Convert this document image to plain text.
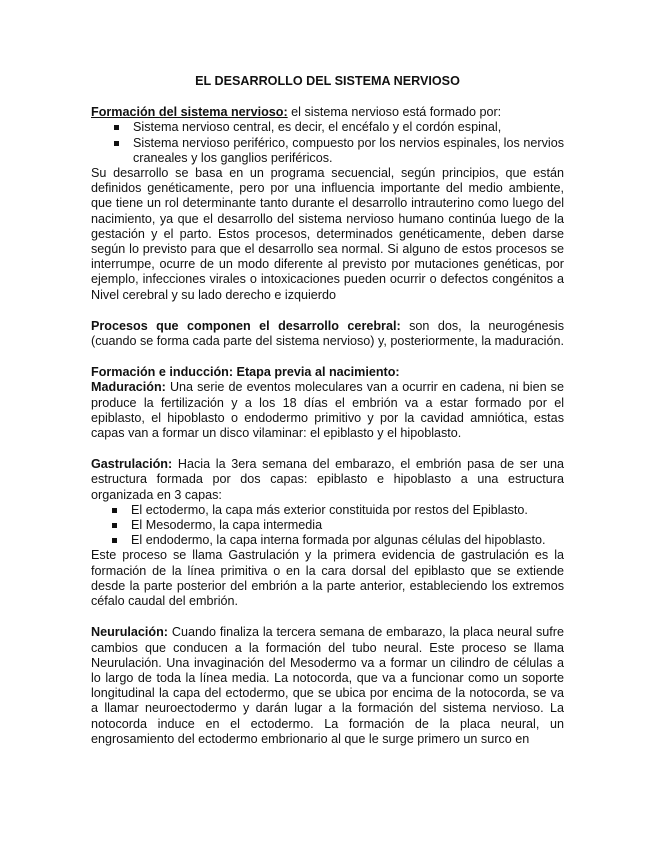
EL DESARROLLO DEL SISTEMA NERVIOSO

Formación del sistema nervioso: el sistema nervioso está formado por:

Sistema nervioso central, es decir, el encéfalo y el cordón espinal,
Sistema nervioso periférico, compuesto por los nervios espinales, los nervios craneales y los ganglios periféricos.

Su desarrollo se basa en un programa secuencial, según principios, que están definidos genéticamente, pero por una influencia importante del medio ambiente, que tiene un rol determinante tanto durante el desarrollo intrauterino como luego del nacimiento, ya que el desarrollo del sistema nervioso humano continúa luego de la gestación y el parto. Estos procesos, determinados genéticamente, deben darse según lo previsto para que el desarrollo sea normal. Si alguno de estos procesos se interrumpe, ocurre de un modo diferente al previsto por mutaciones genéticas, por ejemplo, infecciones virales o intoxicaciones pueden ocurrir o defectos congénitos a Nivel cerebral y su lado derecho e izquierdo

Procesos que componen el desarrollo cerebral: son dos, la neurogénesis (cuando se forma cada parte del sistema nervioso) y, posteriormente, la maduración.

Formación e inducción: Etapa previa al nacimiento:

Maduración: Una serie de eventos moleculares van a ocurrir en cadena, ni bien se produce la fertilización y a los 18 días el embrión va a estar formado por el epiblasto, el hipoblasto o endodermo primitivo y por la cavidad amniótica, estas capas van a formar un disco vilaminar: el epiblasto y el hipoblasto.

Gastrulación: Hacia la 3era semana del embarazo, el embrión pasa de ser una estructura formada por dos capas: epiblasto e hipoblasto a una estructura organizada en 3 capas:

El ectodermo, la capa más exterior constituida por restos del Epiblasto.
El Mesodermo, la capa intermedia
El endodermo, la capa interna formada por algunas células del hipoblasto.

Este proceso se llama Gastrulación y la primera evidencia de gastrulación es la formación de la línea primitiva o en la cara dorsal del epiblasto que se extiende desde la parte posterior del embrión a la parte anterior, estableciendo los extremos céfalo caudal del embrión.

Neurulación: Cuando finaliza la tercera semana de embarazo, la placa neural sufre cambios que conducen a la formación del tubo neural. Este proceso se llama Neurulación. Una invaginación del Mesodermo va a formar un cilindro de células a lo largo de toda la línea media. La notocorda, que va a funcionar como un soporte longitudinal la capa del ectodermo, que se ubica por encima de la notocorda, se va a llamar neuroectodermo y darán lugar a la formación del sistema nervioso. La notocorda induce en el ectodermo. La formación de la placa neural, un engrosamiento del ectodermo embrionario al que le surge primero un surco en
